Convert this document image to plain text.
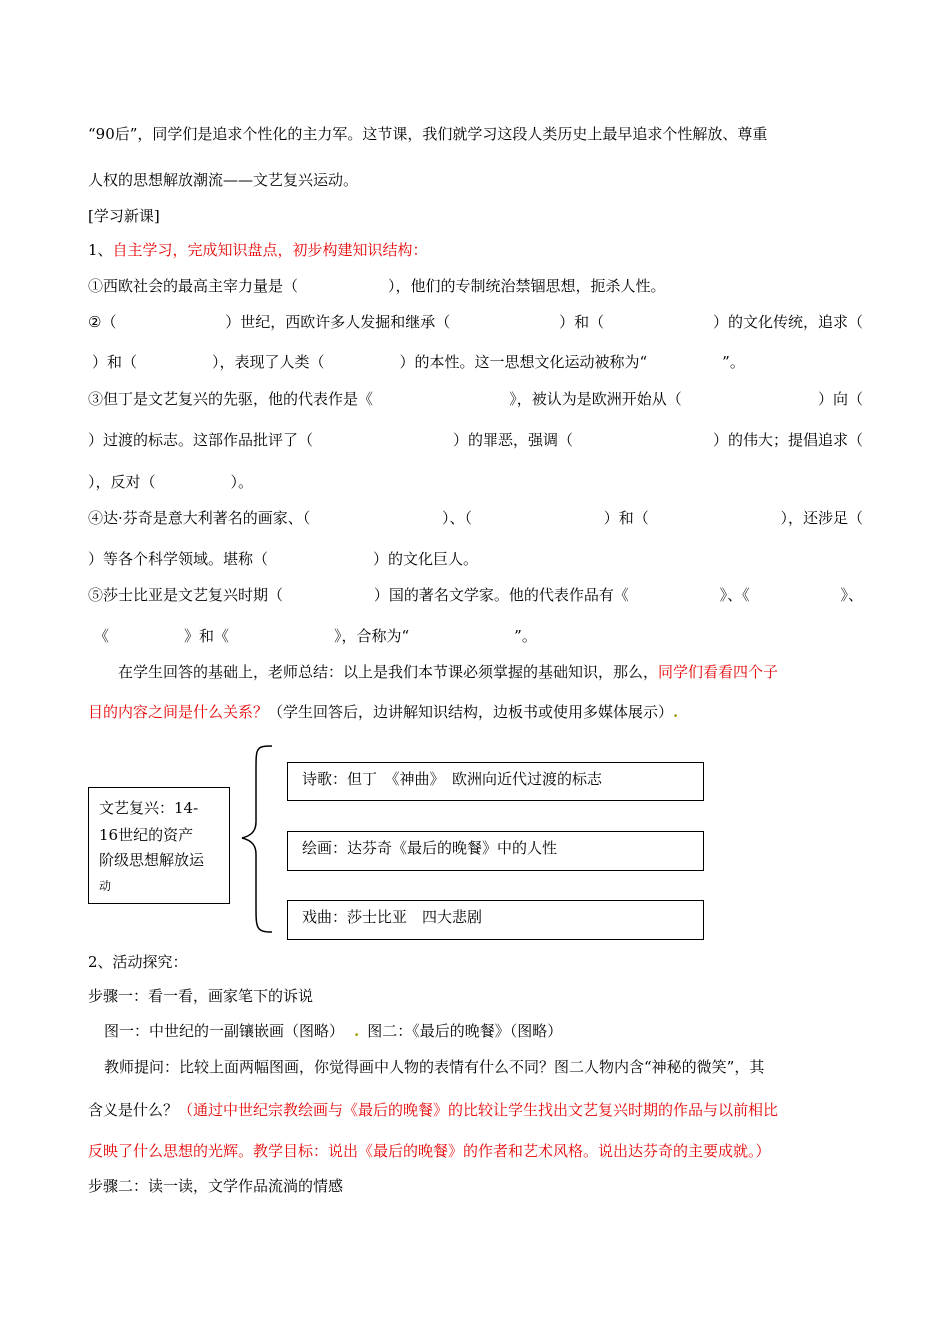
“90后”，同学们是追求个性化的主力军。这节课，我们就学习这段人类历史上最早追求个性解放、尊重
人权的思想解放潮流——文艺复兴运动。
[学习新课]
1、自主学习，完成知识盘点，初步构建知识结构：
①西欧社会的最高主宰力量是（　　　　　　），他们的专制统治禁锢思想，扼杀人性。
②（	）世纪，西欧许多人发掘和继承（	）和（	）的文化传统，追求（
）和（　　　　　），表现了人类（　　　　　）的本性。这一思想文化运动被称为“　　　　　”。
③但丁是文艺复兴的先驱，他的代表作是《	》，被认为是欧洲开始从（	）向（
）过渡的标志。这部作品批评了（	）的罪恶，强调（	）的伟大；提倡追求（
），反对（　　　　　）。
④达·芬奇是意大利著名的画家、（	）、（	）和（	），还涉足（
）等各个科学领域。堪称（　　　　　　　）的文化巨人。
⑤莎士比亚是文艺复兴时期（	）国的著名文学家。他的代表作品有《	》、《	》、
《　　　　　》和《　　　　　　　》，合称为“　　　　　　　”。
　　在学生回答的基础上，老师总结：以上是我们本节课必须掌握的基础知识，那么，同学们看看四个子
目的内容之间是什么关系？（学生回答后，边讲解知识结构，边板书或使用多媒体展示）.
文艺复兴：14-
16世纪的资产
阶级思想解放运
动
诗歌：但丁　《神曲》　欧洲向近代过渡的标志
绘画：达芬奇《最后的晚餐》中的人性
戏曲：莎士比亚　四大悲剧
2、活动探究：
步骤一：看一看，画家笔下的诉说
图一：中世纪的一副镶嵌画（图略） . 图二：《最后的晚餐》（图略）
教师提问：比较上面两幅图画，你觉得画中人物的表情有什么不同？图二人物内含“神秘的微笑”，其
含义是什么？（通过中世纪宗教绘画与《最后的晚餐》的比较让学生找出文艺复兴时期的作品与以前相比
反映了什么思想的光辉。教学目标：说出《最后的晚餐》的作者和艺术风格。说出达芬奇的主要成就。）
步骤二：读一读，文学作品流淌的情感
